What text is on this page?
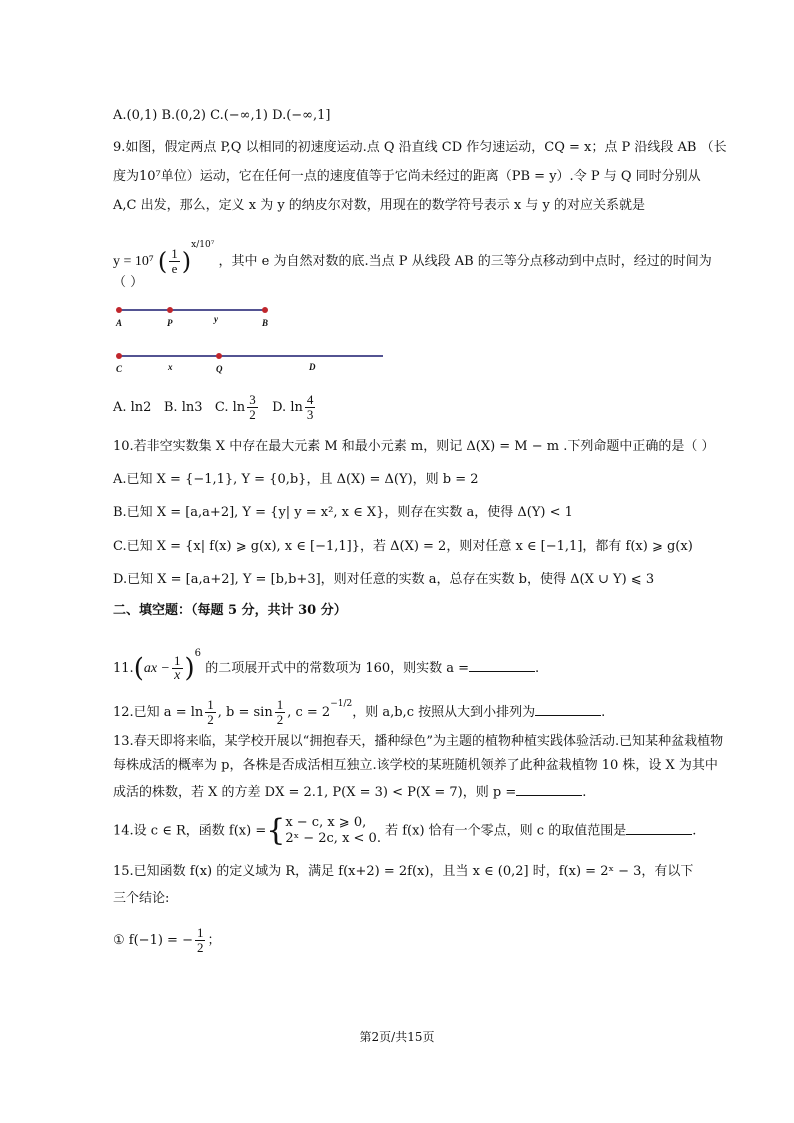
A.(0,1) B.(0,2) C.(−∞,1) D.(−∞,1]
9.如图，假定两点 P,Q 以相同的初速度运动.点 Q 沿直线 CD 作匀速运动，CQ = x；点 P 沿线段 AB （长
度为10⁷单位）运动，它在任何一点的速度值等于它尚未经过的距离（PB = y）.令 P 与 Q 同时分别从
A,C 出发，那么，定义 x 为 y 的纳皮尔对数，用现在的数学符号表示 x 与 y 的对应关系就是
y = 10⁷ ( $\frac{1}{e} )^{x/10^7}$ ，其中 e 为自然对数的底.当点 P 从线段 AB 的三等分点移动到中点时，经过的时间为
（ ）
A	P	y	B
C	x	Q	D
A. ln2 B. ln3 C. $\ln \frac{3}{2} D$. $\ln \frac{4}{3}$
10.若非空实数集 X 中存在最大元素 M 和最小元素 m，则记 Δ(X) = M − m .下列命题中正确的是（ ）
A.已知 X = {−1,1}, Y = {0,b}，且 Δ(X) = Δ(Y)，则 b = 2
B.已知 X = [a,a+2], Y = {y| y = x², x ∈ X}，则存在实数 a，使得 Δ(Y) < 1
C.已知 X = {x| f(x) ⩾ g(x), x ∈ [−1,1]}，若 Δ(X) = 2，则对任意 x ∈ [−1,1]，都有 f(x) ⩾ g(x)
D.已知 X = [a,a+2], Y = [b,b+3]，则对任意的实数 a，总存在实数 b，使得 Δ(X ∪ Y) ⩽ 3
二、填空题：（每题 5 分，共计 30 分）
$11.(ax - \frac{1}{x} )^6$ 的二项展开式中的常数项为 160，则实数 a =	.
12.已知 $a = \ln \frac{1}{2}$ , $b = \sin \frac{1}{2}$ , $c = 2^{-1/2}$，则 a,b,c 按照从大到小排列为	.
13.春天即将来临，某学校开展以“拥抱春天，播种绿色”为主题的植物种植实践体验活动.已知某种盆栽植物
每株成活的概率为 p，各株是否成活相互独立.该学校的某班随机领养了此种盆栽植物 10 株，设 X 为其中
成活的株数，若 X 的方差 DX = 2.1, P(X = 3) < P(X = 7)，则 p =	.
14.设 c ∈ R，函数 f(x) ={ x − c, x ⩾ 0,
2ˣ − 2c, x < 0. 若 f(x) 恰有一个零点，则 c 的取值范围是	.
15.已知函数 f(x) 的定义域为 R，满足 f(x+2) = 2f(x)，且当 x ∈ (0,2] 时，f(x) = 2ˣ − 3，有以下
三个结论:
① f(−1) = − $\frac{1}{2}$ ；
第2页/共15页
